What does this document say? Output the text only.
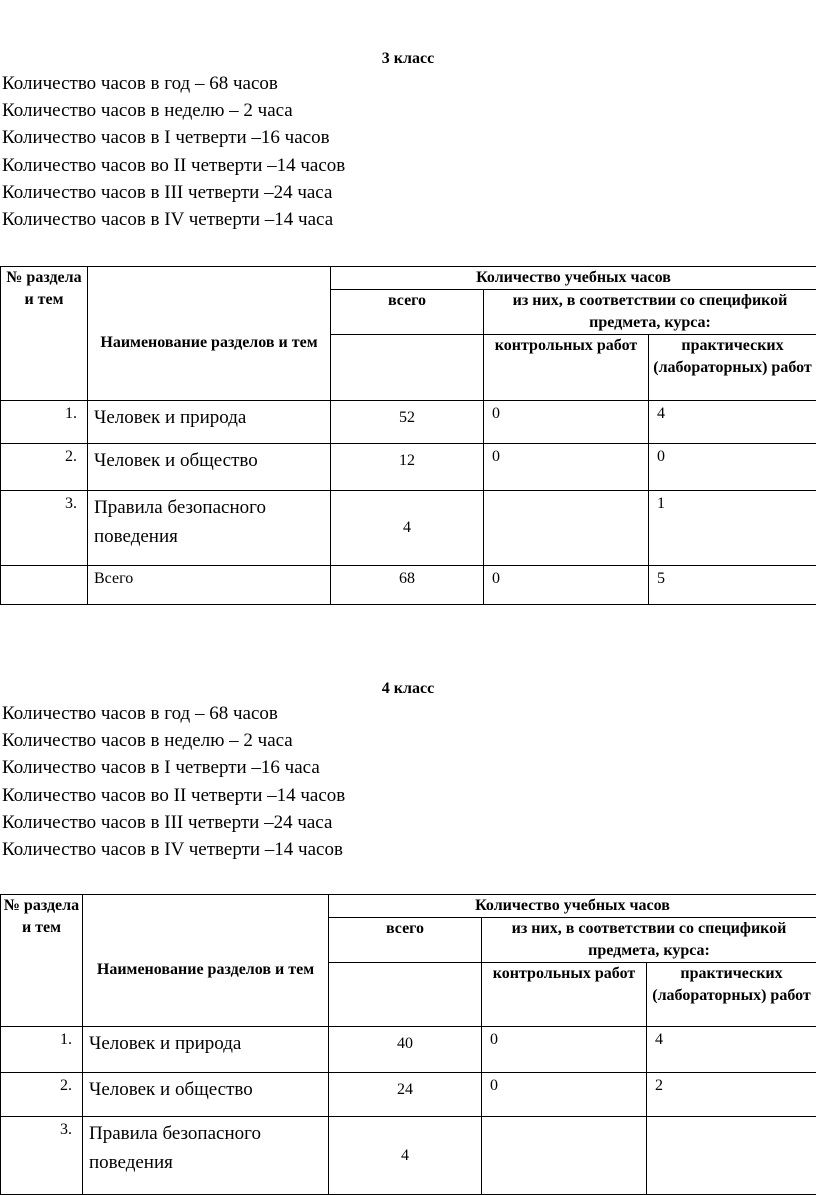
3 класс
Количество часов в год – 68 часов
Количество часов в неделю – 2 часа
Количество часов в I четверти –16 часов
Количество часов во II четверти –14 часов
Количество часов в III четверти –24 часа
Количество часов в IV четверти –14 часа
№ раздела и тем	Наименование разделов и тем	Количество учебных часов		
		всего	из них, в соответствии со спецификой предмета, курса:	
			контрольных работ	практических (лабораторных) работ
1.	Человек и природа	52	0	4
2.	Человек и общество	12	0	0
3.	Правила безопасного поведения	4		1
	Всего	68	0	5
4 класс
Количество часов в год – 68 часов
Количество часов в неделю – 2 часа
Количество часов в I четверти –16 часа
Количество часов во II четверти –14 часов
Количество часов в III четверти –24 часа
Количество часов в IV четверти –14 часов
№ раздела и тем	Наименование разделов и тем	Количество учебных часов		
		всего	из них, в соответствии со спецификой предмета, курса:	
			контрольных работ	практических (лабораторных) работ
1.	Человек и природа	40	0	4
2.	Человек и общество	24	0	2
3.	Правила безопасного поведения	4		
